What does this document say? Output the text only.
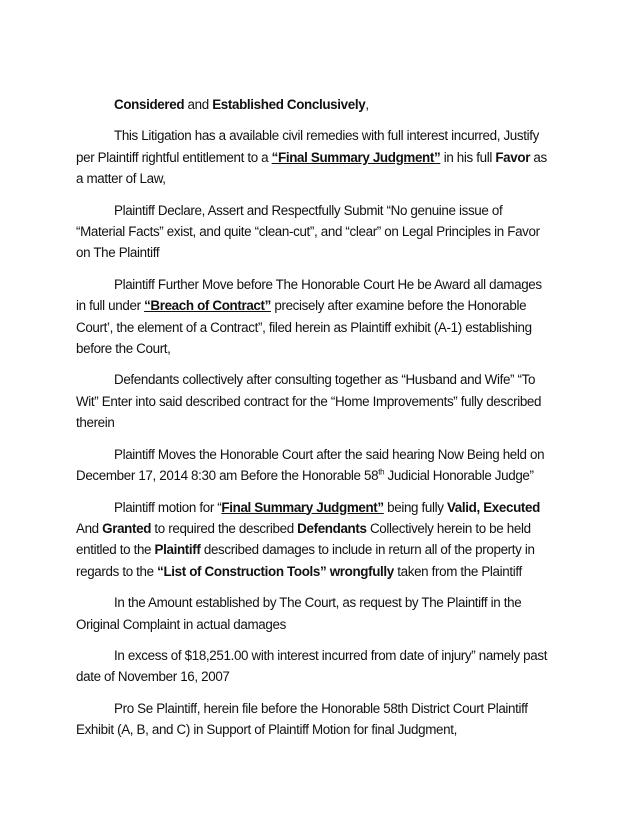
Considered and Established Conclusively,

This Litigation has a available civil remedies with full interest incurred, Justify per Plaintiff rightful entitlement to a “Final Summary Judgment” in his full Favor as a matter of Law,

Plaintiff Declare, Assert and Respectfully Submit “No genuine issue of “Material Facts” exist, and quite “clean-cut”, and “clear” on Legal Principles in Favor on The Plaintiff

Plaintiff Further Move before The Honorable Court He be Award all damages in full under “Breach of Contract” precisely after examine before the Honorable Court’, the element of a Contract”, filed herein as Plaintiff exhibit (A-1) establishing before the Court,

Defendants collectively after consulting together as “Husband and Wife” “To Wit” Enter into said described contract for the “Home Improvements” fully described therein

Plaintiff Moves the Honorable Court after the said hearing Now Being held on December 17, 2014 8:30 am Before the Honorable 58th Judicial Honorable Judge”

Plaintiff motion for “Final Summary Judgment” being fully Valid, Executed And Granted to required the described Defendants Collectively herein to be held entitled to the Plaintiff described damages to include in return all of the property in regards to the “List of Construction Tools” wrongfully taken from the Plaintiff

In the Amount established by The Court, as request by The Plaintiff in the Original Complaint in actual damages

In excess of $18,251.00 with interest incurred from date of injury” namely past date of November 16, 2007

Pro Se Plaintiff, herein file before the Honorable 58th District Court Plaintiff Exhibit (A, B, and C) in Support of Plaintiff Motion for final Judgment,
